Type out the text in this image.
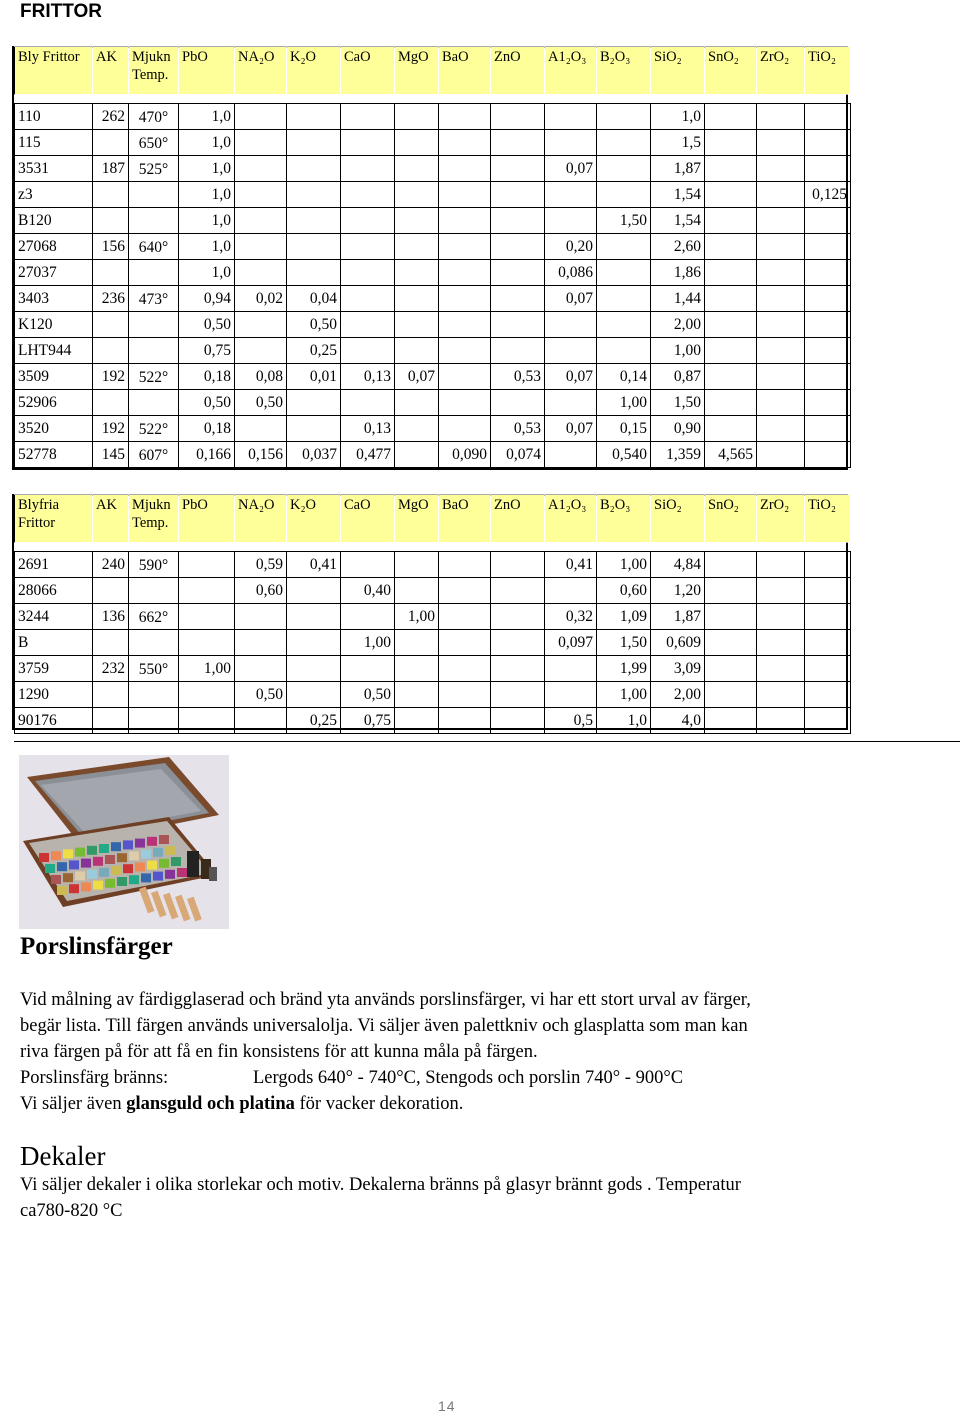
FRITTOR
Bly Frittor	AK	Mjukn Temp.	PbO	NA₂O	K₂O	CaO	MgO	BaO	ZnO	A1₂O₃	B₂O₃	SiO₂	SnO₂	ZrO₂	TiO₂

110	262	470°	1,0									1,0			
115		650°	1,0									1,5			
3531	187	525°	1,0							0,07		1,87			
z3			1,0									1,54			0,125
B120			1,0								1,50	1,54			
27068	156	640°	1,0							0,20		2,60			
27037			1,0							0,086		1,86			
3403	236	473°	0,94	0,02	0,04					0,07		1,44			
K120			0,50		0,50							2,00			
LHT944			0,75		0,25							1,00			
3509	192	522°	0,18	0,08	0,01	0,13	0,07		0,53	0,07	0,14	0,87			
52906			0,50	0,50							1,00	1,50			
3520	192	522°	0,18			0,13			0,53	0,07	0,15	0,90			
52778	145	607°	0,166	0,156	0,037	0,477		0,090	0,074		0,540	1,359	4,565		
Blyfria Frittor	AK	Mjukn Temp.	PbO	NA₂O	K₂O	CaO	MgO	BaO	ZnO	A1₂O₃	B₂O₃	SiO₂	SnO₂	ZrO₂	TiO₂

2691	240	590°		0,59	0,41					0,41	1,00	4,84			
28066				0,60		0,40					0,60	1,20			
3244	136	662°					1,00			0,32	1,09	1,87			
B						1,00				0,097	1,50	0,609			
3759	232	550°	1,00								1,99	3,09			
1290				0,50		0,50					1,00	2,00			
90176					0,25	0,75				0,5	1,0	4,0			
Porslinsfärger
Vid målning av färdigglaserad och bränd yta används porslinsfärger, vi har ett stort urval av färger,
begär lista. Till färgen används universalolja. Vi säljer även palettkniv och glasplatta som man kan
riva färgen på för att få en fin konsistens för att kunna måla på färgen.
Porslinsfärg bränns:	Lergods 640° - 740°C, Stengods och porslin 740° - 900°C
Vi säljer även glansguld och platina för vacker dekoration.
Dekaler
Vi säljer dekaler i olika storlekar och motiv. Dekalerna bränns på glasyr brännt gods . Temperatur
ca780-820 °C
14
